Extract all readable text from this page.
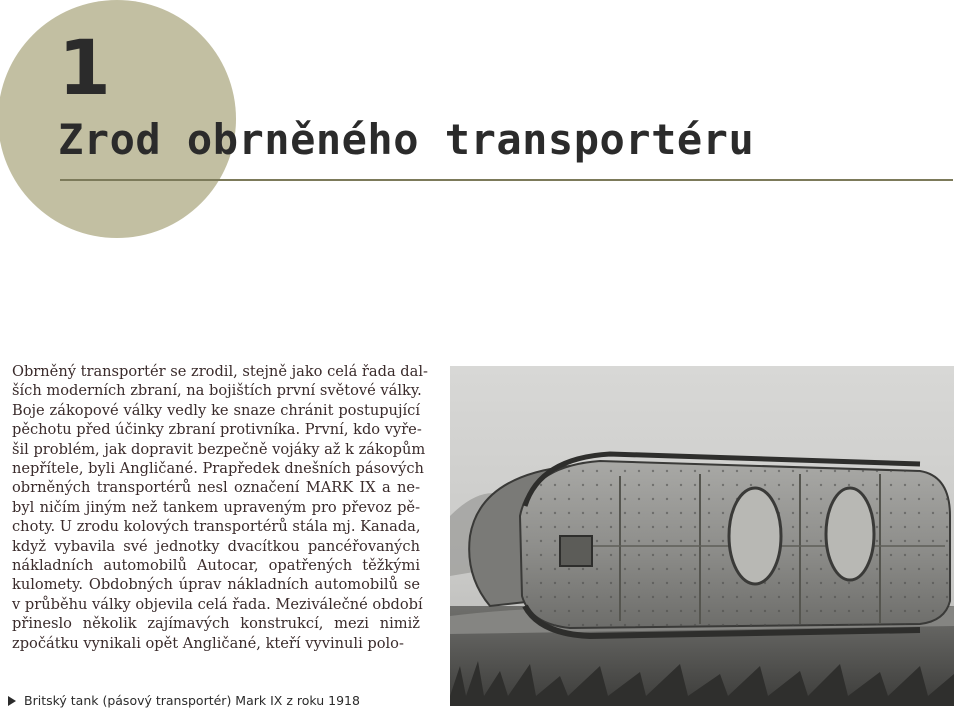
1
Zrod obrněného transportéru

Obrněný transportér se zrodil, stejně jako celá řada dal-
ších moderních zbraní, na bojištích první světové války.
Boje zákopové války vedly ke snaze chránit postupující
pěchotu před účinky zbraní protivníka. První, kdo vyře-
šil problém, jak dopravit bezpečně vojáky až k zákopům
nepřítele, byli Angličané. Prapředek dnešních pásových
obrněných transportérů nesl označení MARK IX a ne-
byl ničím jiným než tankem upraveným pro převoz pě-
choty. U zrodu kolových transportérů stála mj. Kanada,
když vybavila své jednotky dvacítkou pancéřovaných
nákladních automobilů Autocar, opatřených těžkými
kulomety. Obdobných úprav nákladních automobilů se
v průběhu války objevila celá řada. Meziválečné období
přineslo několik zajímavých konstrukcí, mezi nimiž
zpočátku vynikali opět Angličané, kteří vyvinuli polo-

Britský tank (pásový transportér) Mark IX z roku 1918
